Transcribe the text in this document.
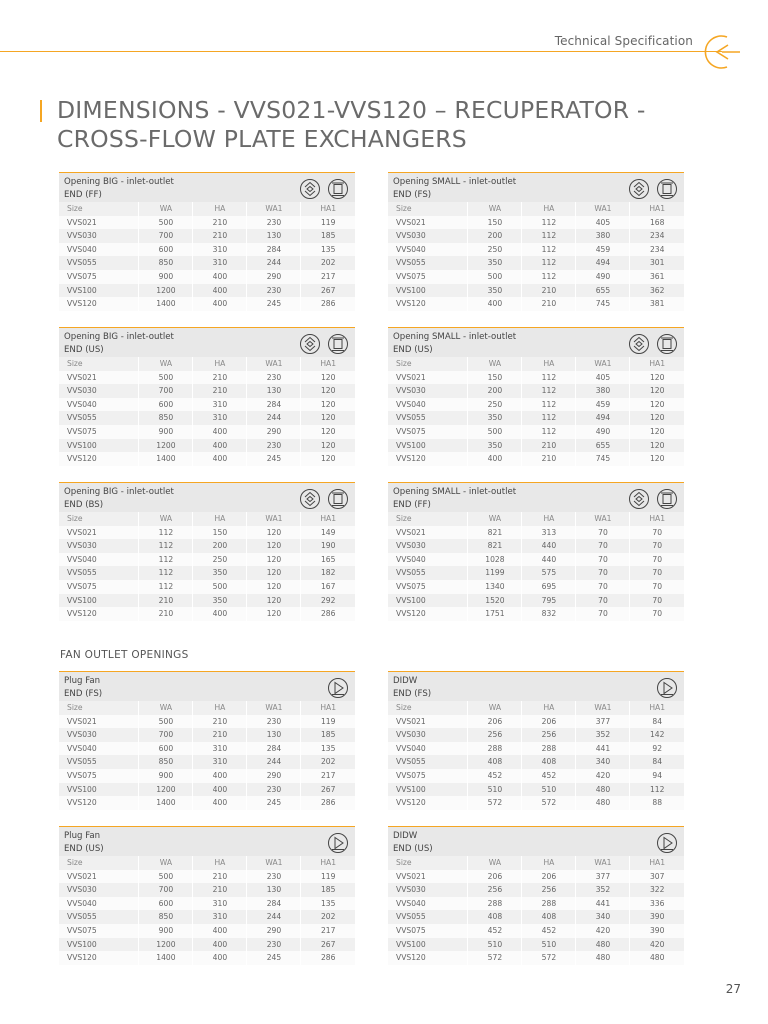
Technical Specification
DIMENSIONS - VVS021-VVS120 – RECUPERATOR - CROSS-FLOW PLATE EXCHANGERS
FAN OUTLET OPENINGS
Opening BIG - inlet-outlet
END (FF)
Size	WA	HA	WA1	HA1
VVS021	500	210	230	119
VVS030	700	210	130	185
VVS040	600	310	284	135
VVS055	850	310	244	202
VVS075	900	400	290	217
VVS100	1200	400	230	267
VVS120	1400	400	245	286
Opening SMALL - inlet-outlet
END (FS)
Size	WA	HA	WA1	HA1
VVS021	150	112	405	168
VVS030	200	112	380	234
VVS040	250	112	459	234
VVS055	350	112	494	301
VVS075	500	112	490	361
VVS100	350	210	655	362
VVS120	400	210	745	381
Opening BIG - inlet-outlet
END (US)
Size	WA	HA	WA1	HA1
VVS021	500	210	230	120
VVS030	700	210	130	120
VVS040	600	310	284	120
VVS055	850	310	244	120
VVS075	900	400	290	120
VVS100	1200	400	230	120
VVS120	1400	400	245	120
Opening SMALL - inlet-outlet
END (US)
Size	WA	HA	WA1	HA1
VVS021	150	112	405	120
VVS030	200	112	380	120
VVS040	250	112	459	120
VVS055	350	112	494	120
VVS075	500	112	490	120
VVS100	350	210	655	120
VVS120	400	210	745	120
Opening BIG - inlet-outlet
END (BS)
Size	WA	HA	WA1	HA1
VVS021	112	150	120	149
VVS030	112	200	120	190
VVS040	112	250	120	165
VVS055	112	350	120	182
VVS075	112	500	120	167
VVS100	210	350	120	292
VVS120	210	400	120	286
Opening SMALL - inlet-outlet
END (FF)
Size	WA	HA	WA1	HA1
VVS021	821	313	70	70
VVS030	821	440	70	70
VVS040	1028	440	70	70
VVS055	1199	575	70	70
VVS075	1340	695	70	70
VVS100	1520	795	70	70
VVS120	1751	832	70	70
Plug Fan
END (FS)
Size	WA	HA	WA1	HA1
VVS021	500	210	230	119
VVS030	700	210	130	185
VVS040	600	310	284	135
VVS055	850	310	244	202
VVS075	900	400	290	217
VVS100	1200	400	230	267
VVS120	1400	400	245	286
DIDW
END (FS)
Size	WA	HA	WA1	HA1
VVS021	206	206	377	84
VVS030	256	256	352	142
VVS040	288	288	441	92
VVS055	408	408	340	84
VVS075	452	452	420	94
VVS100	510	510	480	112
VVS120	572	572	480	88
Plug Fan
END (US)
Size	WA	HA	WA1	HA1
VVS021	500	210	230	119
VVS030	700	210	130	185
VVS040	600	310	284	135
VVS055	850	310	244	202
VVS075	900	400	290	217
VVS100	1200	400	230	267
VVS120	1400	400	245	286
DIDW
END (US)
Size	WA	HA	WA1	HA1
VVS021	206	206	377	307
VVS030	256	256	352	322
VVS040	288	288	441	336
VVS055	408	408	340	390
VVS075	452	452	420	390
VVS100	510	510	480	420
VVS120	572	572	480	480
27
